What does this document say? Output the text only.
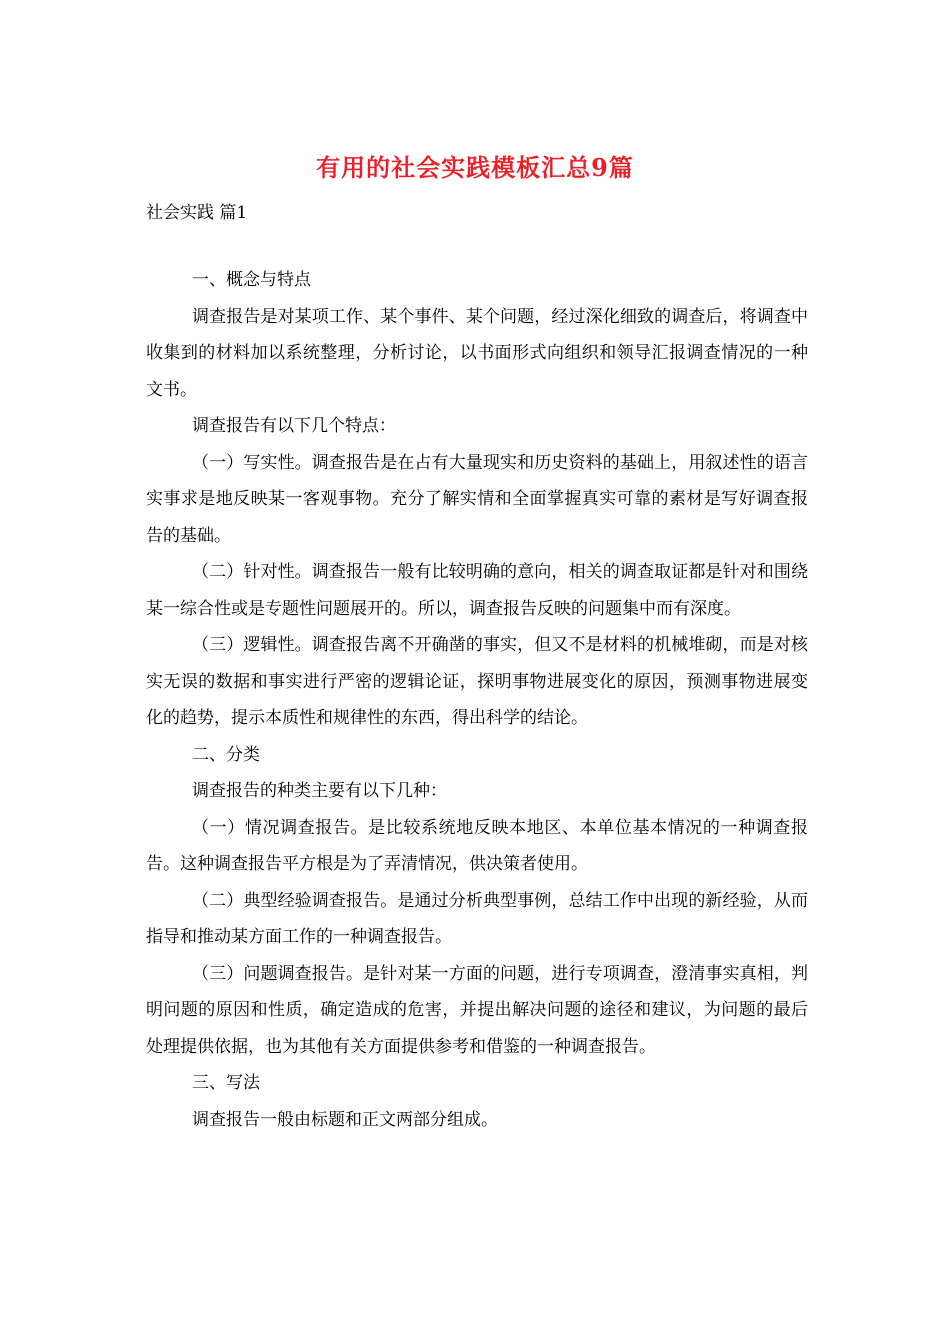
有用的社会实践模板汇总9篇
社会实践 篇1

一、概念与特点

调查报告是对某项工作、某个事件、某个问题，经过深化细致的调查后，将调查中收集到的材料加以系统整理，分析讨论，以书面形式向组织和领导汇报调查情况的一种文书。

调查报告有以下几个特点：

（一）写实性。调查报告是在占有大量现实和历史资料的基础上，用叙述性的语言实事求是地反映某一客观事物。充分了解实情和全面掌握真实可靠的素材是写好调查报告的基础。

（二）针对性。调查报告一般有比较明确的意向，相关的调查取证都是针对和围绕某一综合性或是专题性问题展开的。所以，调查报告反映的问题集中而有深度。

（三）逻辑性。调查报告离不开确凿的事实，但又不是材料的机械堆砌，而是对核实无误的数据和事实进行严密的逻辑论证，探明事物进展变化的原因，预测事物进展变化的趋势，提示本质性和规律性的东西，得出科学的结论。

二、分类

调查报告的种类主要有以下几种：

（一）情况调查报告。是比较系统地反映本地区、本单位基本情况的一种调查报告。这种调查报告平方根是为了弄清情况，供决策者使用。

（二）典型经验调查报告。是通过分析典型事例，总结工作中出现的新经验，从而指导和推动某方面工作的一种调查报告。

（三）问题调查报告。是针对某一方面的问题，进行专项调查，澄清事实真相，判明问题的原因和性质，确定造成的危害，并提出解决问题的途径和建议，为问题的最后处理提供依据，也为其他有关方面提供参考和借鉴的一种调查报告。

三、写法

调查报告一般由标题和正文两部分组成。
